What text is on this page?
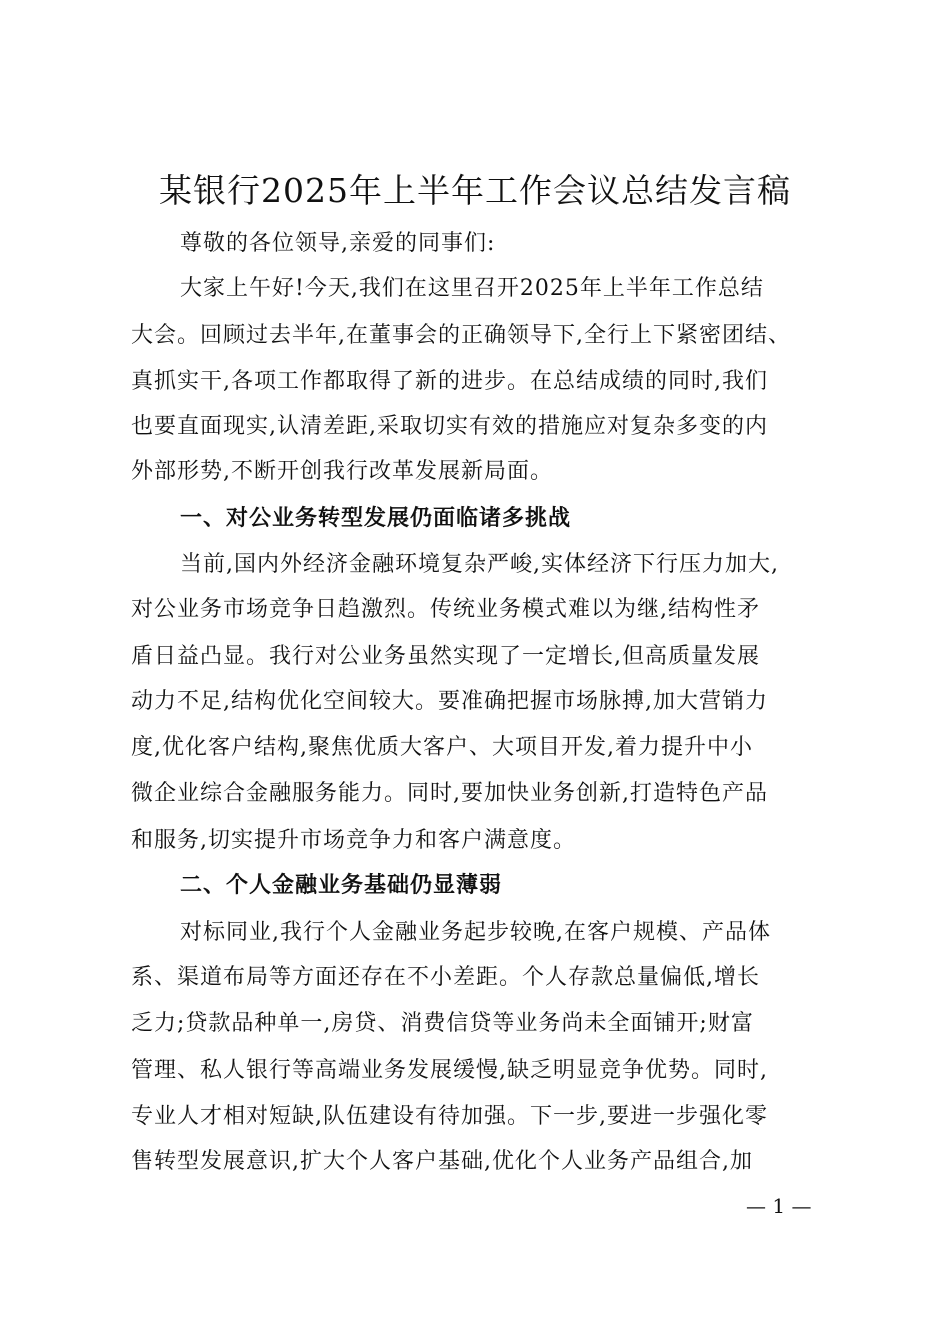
某银行2025年上半年工作会议总结发言稿
尊敬的各位领导,亲爱的同事们:
大家上午好!今天,我们在这里召开2025年上半年工作总结
大会。回顾过去半年,在董事会的正确领导下,全行上下紧密团结、
真抓实干,各项工作都取得了新的进步。在总结成绩的同时,我们
也要直面现实,认清差距,采取切实有效的措施应对复杂多变的内
外部形势,不断开创我行改革发展新局面。
一、对公业务转型发展仍面临诸多挑战
当前,国内外经济金融环境复杂严峻,实体经济下行压力加大,
对公业务市场竞争日趋激烈。传统业务模式难以为继,结构性矛
盾日益凸显。我行对公业务虽然实现了一定增长,但高质量发展
动力不足,结构优化空间较大。要准确把握市场脉搏,加大营销力
度,优化客户结构,聚焦优质大客户、大项目开发,着力提升中小
微企业综合金融服务能力。同时,要加快业务创新,打造特色产品
和服务,切实提升市场竞争力和客户满意度。
二、个人金融业务基础仍显薄弱
对标同业,我行个人金融业务起步较晚,在客户规模、产品体
系、渠道布局等方面还存在不小差距。个人存款总量偏低,增长
乏力;贷款品种单一,房贷、消费信贷等业务尚未全面铺开;财富
管理、私人银行等高端业务发展缓慢,缺乏明显竞争优势。同时,
专业人才相对短缺,队伍建设有待加强。下一步,要进一步强化零
售转型发展意识,扩大个人客户基础,优化个人业务产品组合,加
— 1 —
